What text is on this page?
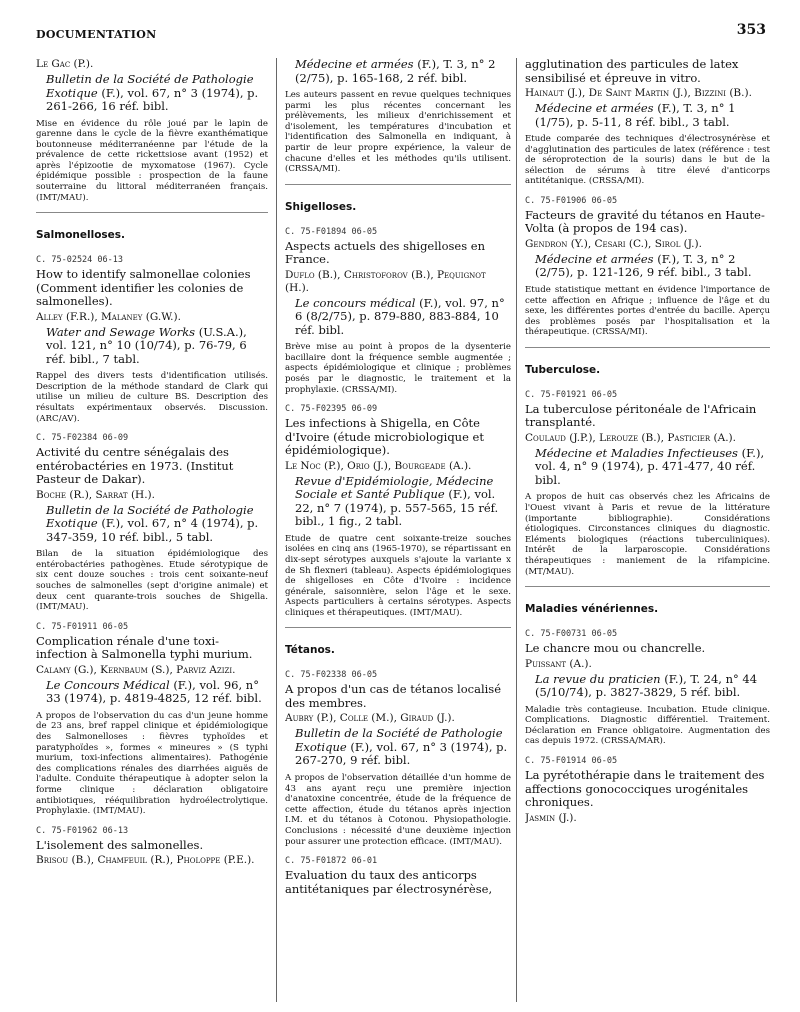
DOCUMENTATION	353
Le Gac (P.).
Bulletin de la Société de Pathologie Exotique (F.), vol. 67, n° 3 (1974), p. 261-266, 16 réf. bibl.
Mise en évidence du rôle joué par le lapin de garenne dans le cycle de la fièvre exanthématique boutonneuse méditerranéenne par l'étude de la prévalence de cette rickettsiose avant (1952) et après l'épizootie de myxomatose (1967). Cycle épidémique possible : prospection de la faune souterraine du littoral méditerranéen français. (IMT/MAU).
Salmonelloses.
C. 75-02524 06-13
How to identify salmonellae colonies (Comment identifier les colonies de salmonelles).
Alley (F.R.), Malaney (G.W.).
Water and Sewage Works (U.S.A.), vol. 121, n° 10 (10/74), p. 76-79, 6 réf. bibl., 7 tabl.
Rappel des divers tests d'identification utilisés. Description de la méthode standard de Clark qui utilise un milieu de culture BS. Description des résultats expérimentaux observés. Discussion. (ARC/AV).
C. 75-F02384 06-09
Activité du centre sénégalais des entérobactéries en 1973. (Institut Pasteur de Dakar).
Boche (R.), Sarrat (H.).
Bulletin de la Société de Pathologie Exotique (F.), vol. 67, n° 4 (1974), p. 347-359, 10 réf. bibl., 5 tabl.
Bilan de la situation épidémiologique des entérobactéries pathogènes. Etude sérotypique de six cent douze souches : trois cent soixante-neuf souches de salmonelles (sept d'origine animale) et deux cent quarante-trois souches de Shigella. (IMT/MAU).
C. 75-F01911 06-05
Complication rénale d'une toxi-infection à Salmonella typhi murium.
Calamy (G.), Kernbaum (S.), Parviz Azizi.
Le Concours Médical (F.), vol. 96, n° 33 (1974), p. 4819-4825, 12 réf. bibl.
A propos de l'observation du cas d'un jeune homme de 23 ans, bref rappel clinique et épidémiologique des Salmonelloses : fièvres typhoïdes et paratyphoïdes », formes « mineures » (S typhi murium, toxi-infections alimentaires). Pathogénie des complications rénales des diarrhées aiguës de l'adulte. Conduite thérapeutique à adopter selon la forme clinique : déclaration obligatoire antibiotiques, rééquilibration hydroélectrolytique. Prophylaxie. (IMT/MAU).
C. 75-F01962 06-13
L'isolement des salmonelles.
Brisou (B.), Chamfeuil (R.), Pholoppe (P.E.).
Médecine et armées (F.), T. 3, n° 2 (2/75), p. 165-168, 2 réf. bibl.
Les auteurs passent en revue quelques techniques parmi les plus récentes concernant les prélèvements, les milieux d'enrichissement et d'isolement, les températures d'incubation et l'identification des Salmonella en indiquant, à partir de leur propre expérience, la valeur de chacune d'elles et les méthodes qu'ils utilisent. (CRSSA/MI).
Shigelloses.
C. 75-F01894 06-05
Aspects actuels des shigelloses en France.
Duflo (B.), Christoforov (B.), Pequignot (H.).
Le concours médical (F.), vol. 97, n° 6 (8/2/75), p. 879-880, 883-884, 10 réf. bibl.
Brève mise au point à propos de la dysenterie bacillaire dont la fréquence semble augmentée ; aspects épidémiologique et clinique ; problèmes posés par le diagnostic, le traitement et la prophylaxie. (CRSSA/MI).
C. 75-F02395 06-09
Les infections à Shigella, en Côte d'Ivoire (étude microbiologique et épidémiologique).
Le Noc (P.), Orio (J.), Bourgeade (A.).
Revue d'Epidémiologie, Médecine Sociale et Santé Publique (F.), vol. 22, n° 7 (1974), p. 557-565, 15 réf. bibl., 1 fig., 2 tabl.
Etude de quatre cent soixante-treize souches isolées en cinq ans (1965-1970), se répartissant en dix-sept sérotypes auxquels s'ajoute la variante x de Sh flexneri (tableau). Aspects épidémiologiques de shigelloses en Côte d'Ivoire : incidence générale, saisonnière, selon l'âge et le sexe. Aspects particuliers à certains sérotypes. Aspects cliniques et thérapeutiques. (IMT/MAU).
Tétanos.
C. 75-F02338 06-05
A propos d'un cas de tétanos localisé des membres.
Aubry (P.), Colle (M.), Giraud (J.).
Bulletin de la Société de Pathologie Exotique (F.), vol. 67, n° 3 (1974), p. 267-270, 9 réf. bibl.
A propos de l'observation détaillée d'un homme de 43 ans ayant reçu une première injection d'anatoxine concentrée, étude de la fréquence de cette affection, étude du tétanos après injection I.M. et du tétanos à Cotonou. Physiopathologie. Conclusions : nécessité d'une deuxième injection pour assurer une protection efficace. (IMT/MAU).
C. 75-F01872 06-01
Evaluation du taux des anticorps antitétaniques par électrosynérèse,
agglutination des particules de latex sensibilisé et épreuve in vitro.
Hainaut (J.), De Saint Martin (J.), Bizzini (B.).
Médecine et armées (F.), T. 3, n° 1 (1/75), p. 5-11, 8 réf. bibl., 3 tabl.
Etude comparée des techniques d'électrosynérèse et d'agglutination des particules de latex (référence : test de séroprotection de la souris) dans le but de la sélection de sérums à titre élevé d'anticorps antitétanique. (CRSSA/MI).
C. 75-F01906 06-05
Facteurs de gravité du tétanos en Haute-Volta (à propos de 194 cas).
Gendron (Y.), Cesari (C.), Sirol (J.).
Médecine et armées (F.), T. 3, n° 2 (2/75), p. 121-126, 9 réf. bibl., 3 tabl.
Etude statistique mettant en évidence l'importance de cette affection en Afrique ; influence de l'âge et du sexe, les différentes portes d'entrée du bacille. Aperçu des problèmes posés par l'hospitalisation et la thérapeutique. (CRSSA/MI).
Tuberculose.
C. 75-F01921 06-05
La tuberculose péritonéale de l'Africain transplanté.
Coulaud (J.P.), Lerouze (B.), Pasticier (A.).
Médecine et Maladies Infectieuses (F.), vol. 4, n° 9 (1974), p. 471-477, 40 réf. bibl.
A propos de huit cas observés chez les Africains de l'Ouest vivant à Paris et revue de la littérature (importante bibliographie). Considérations étiologiques. Circonstances cliniques du diagnostic. Eléments biologiques (réactions tuberculiniques). Intérêt de la larparoscopie. Considérations thérapeutiques : maniement de la rifampicine. (MT/MAU).
Maladies vénériennes.
C. 75-F00731 06-05
Le chancre mou ou chancrelle.
Puissant (A.).
La revue du praticien (F.), T. 24, n° 44 (5/10/74), p. 3827-3829, 5 réf. bibl.
Maladie très contagieuse. Incubation. Etude clinique. Complications. Diagnostic différentiel. Traitement. Déclaration en France obligatoire. Augmentation des cas depuis 1972. (CRSSA/MAR).
C. 75-F01914 06-05
La pyrétothérapie dans le traitement des affections gonococciques urogénitales chroniques.
Jasmin (J.).
